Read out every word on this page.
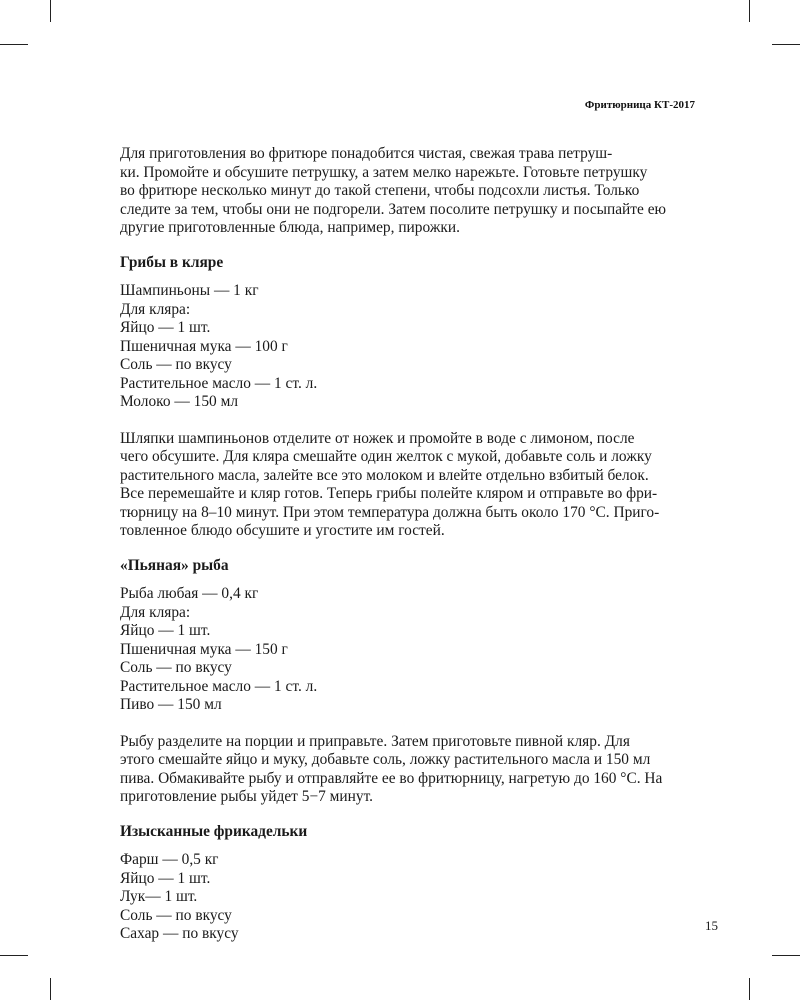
Фритюрница КТ-2017

Для приготовления во фритюре понадобится чистая, свежая трава петруш-
ки. Промойте и обсушите петрушку, а затем мелко нарежьте. Готовьте петрушку
во фритюре несколько минут до такой степени, чтобы подсохли листья. Только
следите за тем, чтобы они не подгорели. Затем посолите петрушку и посыпайте ею
другие приготовленные блюда, например, пирожки.

Грибы в кляре
Шампиньоны — 1 кг
Для кляра:
Яйцо — 1 шт.
Пшеничная мука — 100 г
Соль — по вкусу
Растительное масло — 1 ст. л.
Молоко — 150 мл

Шляпки шампиньонов отделите от ножек и промойте в воде с лимоном, после
чего обсушите. Для кляра смешайте один желток с мукой, добавьте соль и ложку
растительного масла, залейте все это молоком и влейте отдельно взбитый белок.
Все перемешайте и кляр готов. Теперь грибы полейте кляром и отправьте во фри-
тюрницу на 8–10 минут. При этом температура должна быть около 170 °С. Приго-
товленное блюдо обсушите и угостите им гостей.

«Пьяная» рыба
Рыба любая — 0,4 кг
Для кляра:
Яйцо — 1 шт.
Пшеничная мука — 150 г
Соль — по вкусу
Растительное масло — 1 ст. л.
Пиво — 150 мл

Рыбу разделите на порции и приправьте. Затем приготовьте пивной кляр. Для
этого смешайте яйцо и муку, добавьте соль, ложку растительного масла и 150 мл
пива. Обмакивайте рыбу и отправляйте ее во фритюрницу, нагретую до 160 °С. На
приготовление рыбы уйдет 5−7 минут.

Изысканные фрикадельки
Фарш — 0,5 кг
Яйцо — 1 шт.
Лук— 1 шт.
Соль — по вкусу
Сахар — по вкусу	15
